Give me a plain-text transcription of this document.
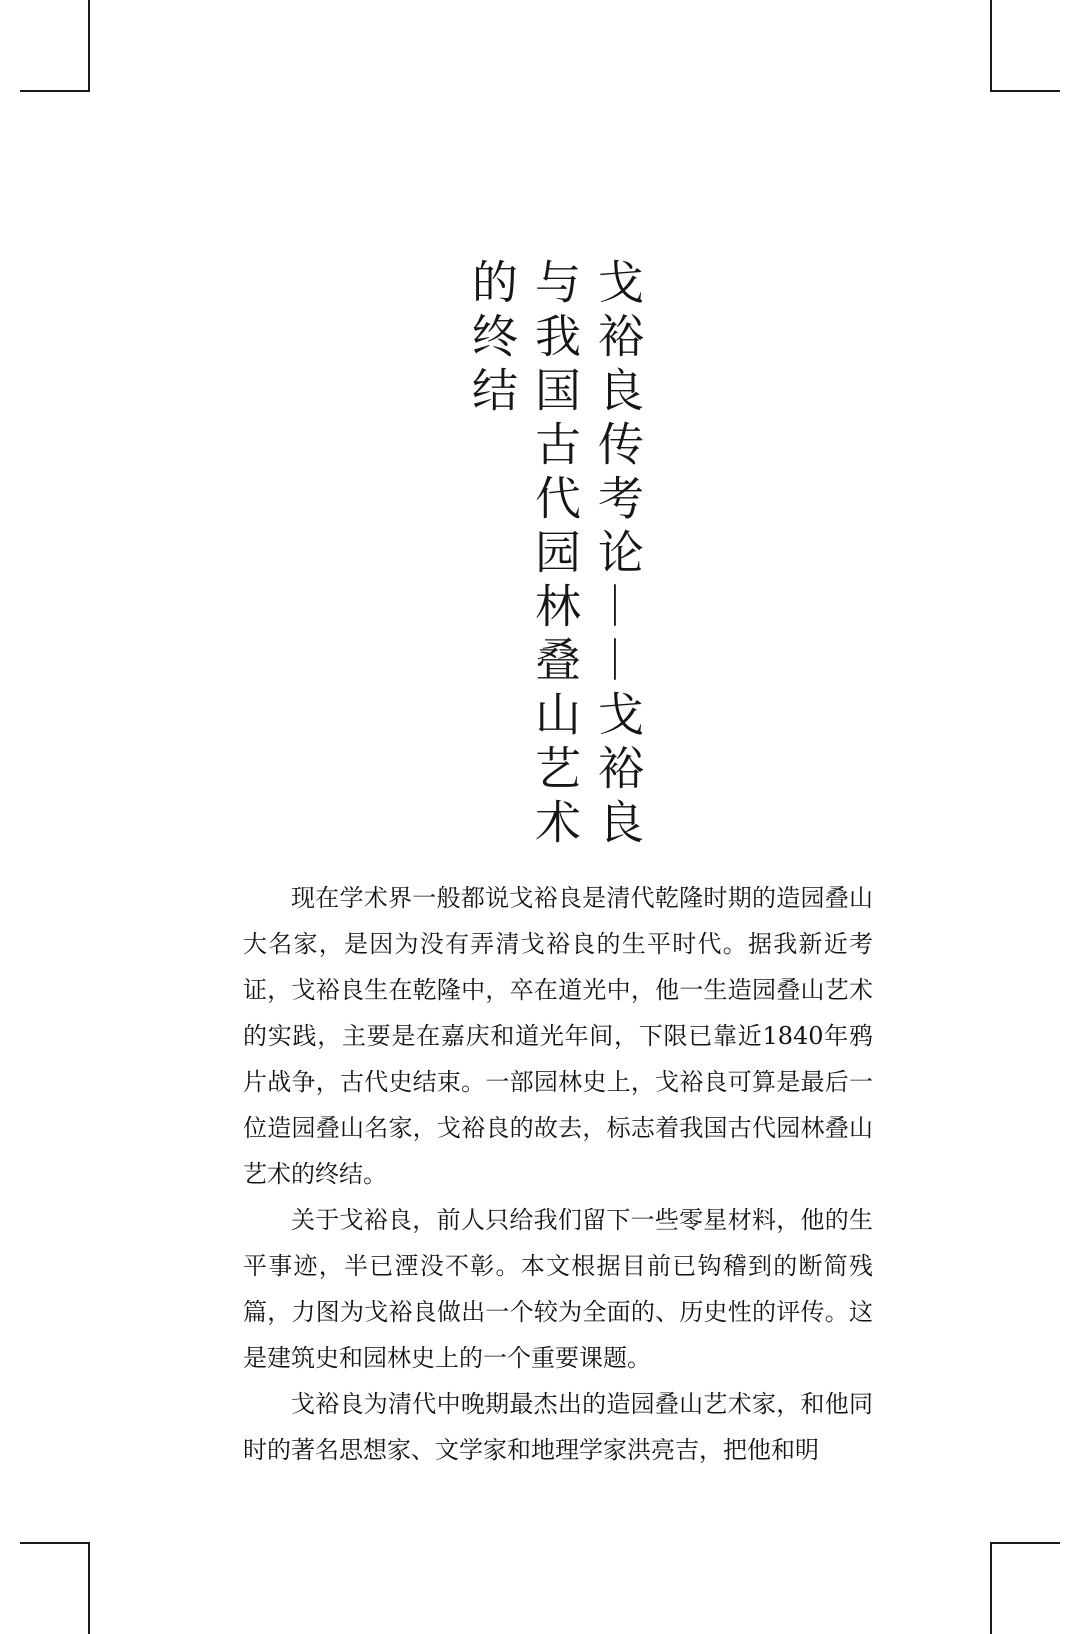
戈裕良传考论——戈裕良
与我国古代园林叠山艺术
的终结

现在学术界一般都说戈裕良是清代乾隆时期的造园叠山大名家，是因为没有弄清戈裕良的生平时代。据我新近考证，戈裕良生在乾隆中，卒在道光中，他一生造园叠山艺术的实践，主要是在嘉庆和道光年间，下限已靠近1840年鸦片战争，古代史结束。一部园林史上，戈裕良可算是最后一位造园叠山名家，戈裕良的故去，标志着我国古代园林叠山艺术的终结。

关于戈裕良，前人只给我们留下一些零星材料，他的生平事迹，半已湮没不彰。本文根据目前已钩稽到的断简残篇，力图为戈裕良做出一个较为全面的、历史性的评传。这是建筑史和园林史上的一个重要课题。

戈裕良为清代中晚期最杰出的造园叠山艺术家，和他同时的著名思想家、文学家和地理学家洪亮吉，把他和明
